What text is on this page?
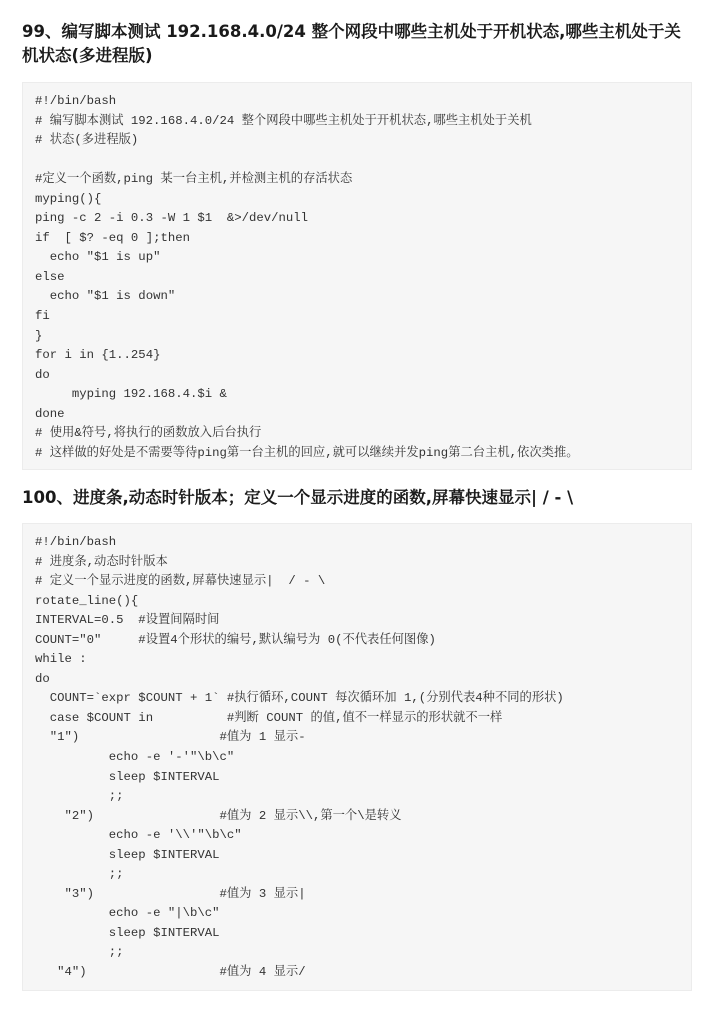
99、编写脚本测试 192.168.4.0/24 整个网段中哪些主机处于开机状态,哪些主机处于关机状态(多进程版)
#!/bin/bash
# 编写脚本测试 192.168.4.0/24 整个网段中哪些主机处于开机状态,哪些主机处于关机
# 状态(多进程版)
#定义一个函数,ping 某一台主机,并检测主机的存活状态
myping(){
ping -c 2 -i 0.3 -W 1 $1  &>/dev/null
if  [ $? -eq 0 ];then
echo "$1 is up"
else
echo "$1 is down"
fi
}
for i in {1..254}
do
myping 192.168.4.$i &
done
# 使用&符号,将执行的函数放入后台执行
# 这样做的好处是不需要等待ping第一台主机的回应,就可以继续并发ping第二台主机,依次类推。
100、进度条,动态时针版本；定义一个显示进度的函数,屏幕快速显示| / - \
#!/bin/bash
# 进度条,动态时针版本
# 定义一个显示进度的函数,屏幕快速显示|  / - \
rotate_line(){
INTERVAL=0.5  #设置间隔时间
COUNT="0"     #设置4个形状的编号,默认编号为 0(不代表任何图像)
while :
do
COUNT=`expr $COUNT + 1` #执行循环,COUNT 每次循环加 1,(分别代表4种不同的形状)
case $COUNT in          #判断 COUNT 的值,值不一样显示的形状就不一样
"1")                   #值为 1 显示-
echo -e '-'"\b\c"
sleep $INTERVAL
;;
"2")                 #值为 2 显示\\,第一个\是转义
echo -e '\\'"\b\c"
sleep $INTERVAL
;;
"3")                 #值为 3 显示|
echo -e "|\b\c"
sleep $INTERVAL
;;
"4")                  #值为 4 显示/
